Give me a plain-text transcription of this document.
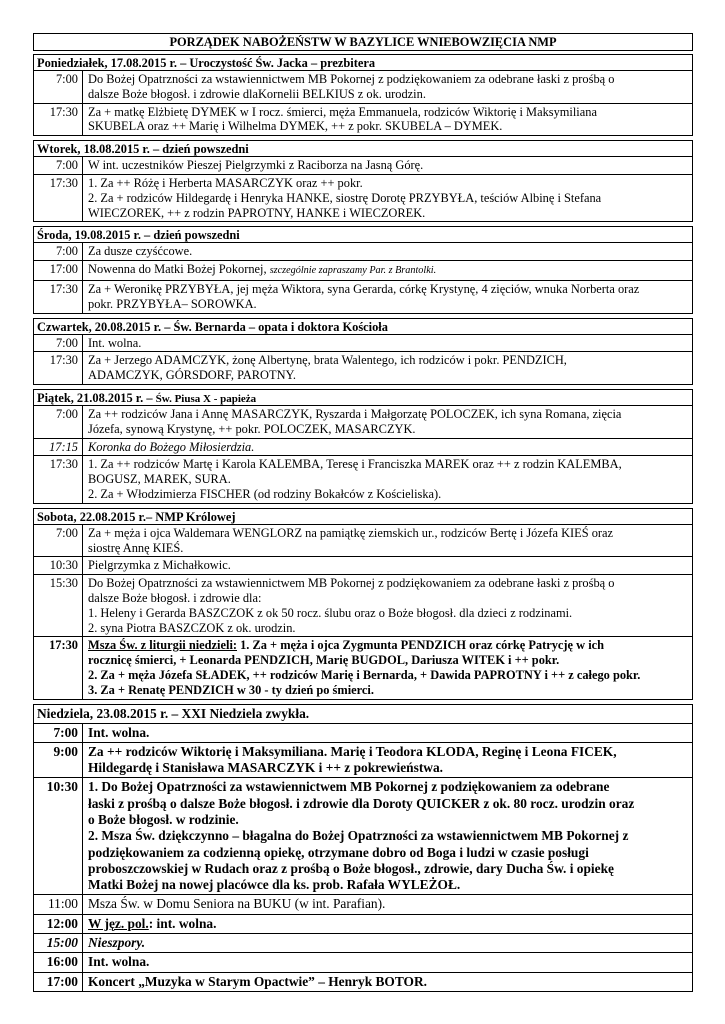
PORZĄDEK NABOŻEŃSTW W BAZYLICE WNIEBOWZIĘCIA NMP
Poniedziałek, 17.08.2015 r. – Uroczystość Św. Jacka – prezbitera
7:00 Do Bożej Opatrzności za wstawiennictwem MB Pokornej z podziękowaniem za odebrane łaski z prośbą o
dalsze Boże błogosł. i zdrowie dlaKornelii BELKIUS z ok. urodzin.
17:30 Za + matkę Elżbietę DYMEK w I rocz. śmierci, męża Emmanuela, rodziców Wiktorię i Maksymiliana
SKUBELA oraz ++ Marię i Wilhelma DYMEK, ++ z pokr. SKUBELA – DYMEK.
Wtorek, 18.08.2015 r. – dzień powszedni
7:00 W int. uczestników Pieszej Pielgrzymki z Raciborza na Jasną Górę.
17:30 1. Za ++ Różę i Herberta MASARCZYK oraz ++ pokr.
2. Za + rodziców Hildegardę i Henryka HANKE, siostrę Dorotę PRZYBYŁA, teściów Albinę i Stefana
WIECZOREK, ++ z rodzin PAPROTNY, HANKE i WIECZOREK.
Środa, 19.08.2015 r. – dzień powszedni
7:00 Za dusze czyśćcowe.
17:00 Nowenna do Matki Bożej Pokornej, szczególnie zapraszamy Par. z Brantolki.
17:30 Za + Weronikę PRZYBYŁA, jej męża Wiktora, syna Gerarda, córkę Krystynę, 4 zięciów, wnuka Norberta oraz
pokr. PRZYBYŁA– SOROWKA.
Czwartek, 20.08.2015 r. – Św. Bernarda – opata i doktora Kościoła
7:00 Int. wolna.
17:30 Za + Jerzego ADAMCZYK, żonę Albertynę, brata Walentego, ich rodziców i pokr. PENDZICH,
ADAMCZYK, GÓRSDORF, PAROTNY.
Piątek, 21.08.2015 r. – Św. Piusa X - papieża
7:00 Za ++ rodziców Jana i Annę MASARCZYK, Ryszarda i Małgorzatę POLOCZEK, ich syna Romana, zięcia
Józefa, synową Krystynę, ++ pokr. POLOCZEK, MASARCZYK.
17:15 Koronka do Bożego Miłosierdzia.
17:30 1. Za ++ rodziców Martę i Karola KALEMBA, Teresę i Franciszka MAREK oraz ++ z rodzin KALEMBA,
BOGUSZ, MAREK, SURA.
2. Za + Włodzimierza FISCHER (od rodziny Bokałców z Kościeliska).
Sobota, 22.08.2015 r.– NMP Królowej
7:00 Za + męża i ojca Waldemara WENGLORZ na pamiątkę ziemskich ur., rodziców Bertę i Józefa KIEŚ oraz
siostrę Annę KIEŚ.
10:30 Pielgrzymka z Michałkowic.
15:30 Do Bożej Opatrzności za wstawiennictwem MB Pokornej z podziękowaniem za odebrane łaski z prośbą o
dalsze Boże błogosł. i zdrowie dla:
1. Heleny i Gerarda BASZCZOK z ok 50 rocz. ślubu oraz o Boże błogosł. dla dzieci z rodzinami.
2. syna Piotra BASZCZOK z ok. urodzin.
17:30 Msza Św. z liturgii niedzieli: 1. Za + męża i ojca Zygmunta PENDZICH oraz córkę Patrycję w ich
rocznicę śmierci, + Leonarda PENDZICH, Marię BUGDOL, Dariusza WITEK i ++ pokr.
2. Za + męża Józefa SŁADEK, ++ rodziców Marię i Bernarda, + Dawida PAPROTNY i ++ z całego pokr.
3. Za + Renatę PENDZICH w 30 - ty dzień po śmierci.
Niedziela, 23.08.2015 r. – XXI Niedziela zwykła.
7:00 Int. wolna.
9:00 Za ++ rodziców Wiktorię i Maksymiliana. Marię i Teodora KLODA, Reginę i Leona FICEK,
Hildegardę i Stanisława MASARCZYK i ++ z pokrewieństwa.
10:30 1. Do Bożej Opatrzności za wstawiennictwem MB Pokornej z podziękowaniem za odebrane
łaski z prośbą o dalsze Boże błogosł. i zdrowie dla Doroty QUICKER z ok. 80 rocz. urodzin oraz
o Boże błogosł. w rodzinie.
2. Msza Św. dziękczynno – błagalna do Bożej Opatrzności za wstawiennictwem MB Pokornej z
podziękowaniem za codzienną opiekę, otrzymane dobro od Boga i ludzi w czasie posługi
proboszczowskiej w Rudach oraz z prośbą o Boże błogosł., zdrowie, dary Ducha Św. i opiekę
Matki Bożej na nowej placówce dla ks. prob. Rafała WYLEŻOŁ.
11:00 Msza Św. w Domu Seniora na BUKU (w int. Parafian).
12:00 W jęz. pol.: int. wolna.
15:00 Nieszpory.
16:00 Int. wolna.
17:00 Koncert „Muzyka w Starym Opactwie” – Henryk BOTOR.
